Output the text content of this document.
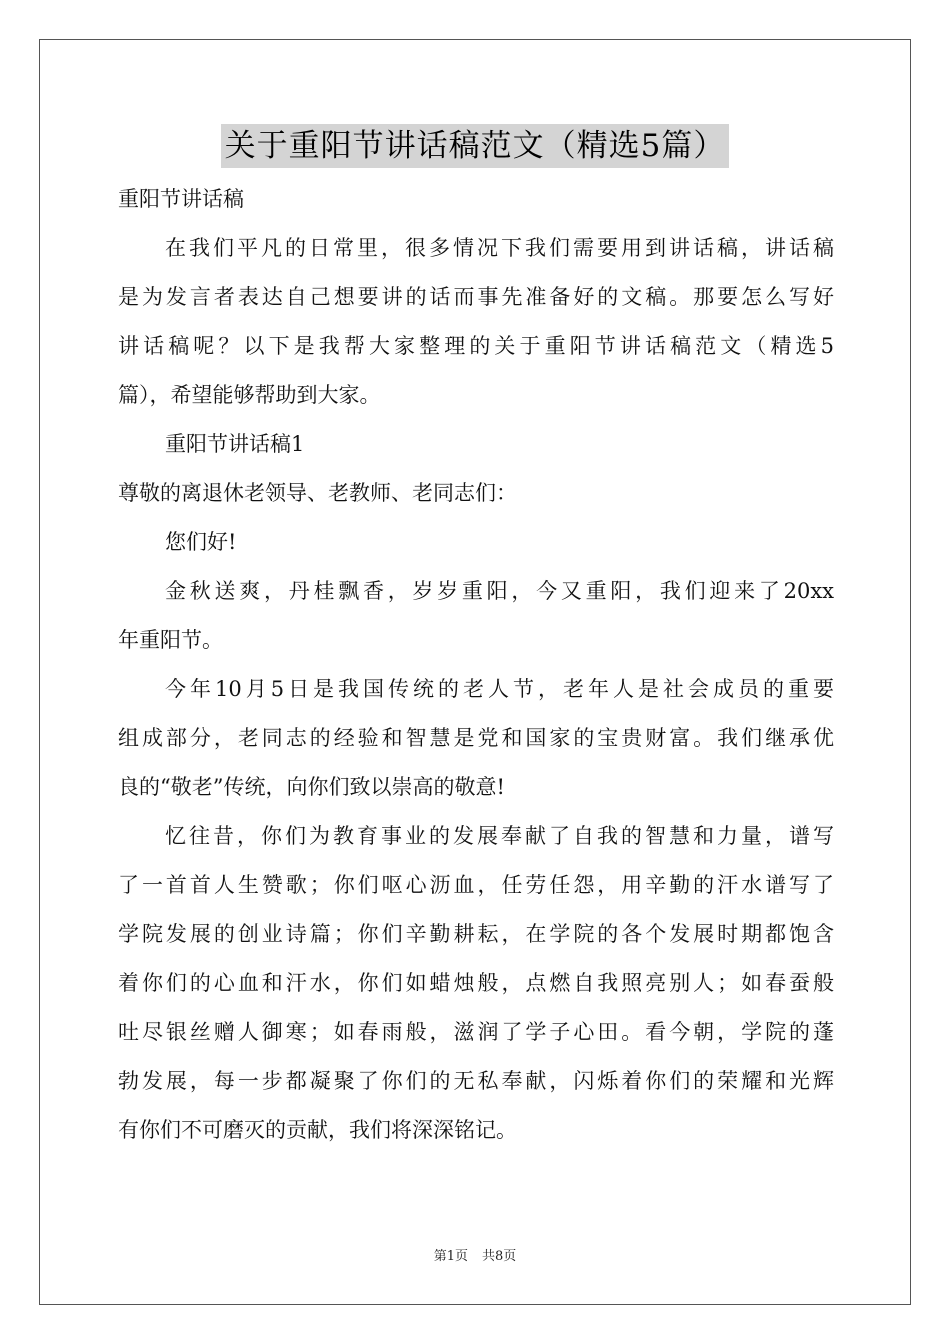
关于重阳节讲话稿范文（精选5篇）
重阳节讲话稿
在我们平凡的日常里，很多情况下我们需要用到讲话稿，讲话稿
是为发言者表达自己想要讲的话而事先准备好的文稿。那要怎么写好
讲话稿呢？以下是我帮大家整理的关于重阳节讲话稿范文（精选5
篇），希望能够帮助到大家。
重阳节讲话稿1
尊敬的离退休老领导、老教师、老同志们：
您们好!
金秋送爽，丹桂飘香，岁岁重阳，今又重阳，我们迎来了20xx
年重阳节。
今年10月5日是我国传统的老人节，老年人是社会成员的重要
组成部分，老同志的经验和智慧是党和国家的宝贵财富。我们继承优
良的“敬老”传统，向你们致以崇高的敬意!
忆往昔，你们为教育事业的发展奉献了自我的智慧和力量，谱写
了一首首人生赞歌；你们呕心沥血，任劳任怨，用辛勤的汗水谱写了
学院发展的创业诗篇；你们辛勤耕耘，在学院的各个发展时期都饱含
着你们的心血和汗水，你们如蜡烛般，点燃自我照亮别人；如春蚕般
吐尽银丝赠人御寒；如春雨般，滋润了学子心田。看今朝，学院的蓬
勃发展，每一步都凝聚了你们的无私奉献，闪烁着你们的荣耀和光辉
有你们不可磨灭的贡献，我们将深深铭记。
第1页 共8页
